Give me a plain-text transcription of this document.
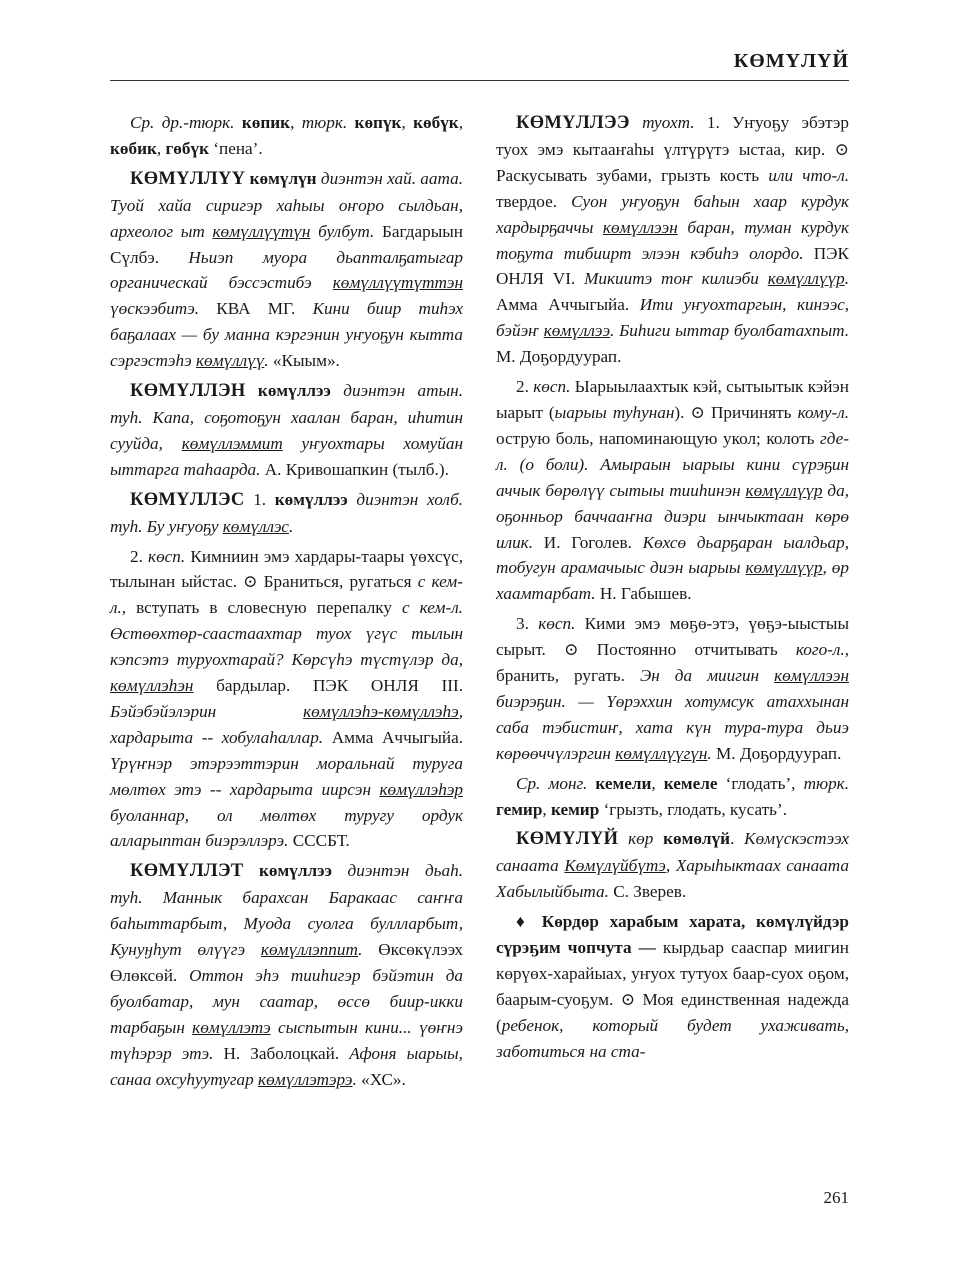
КӨМҮЛҮЙ

Ср. др.-тюрк. көпик, тюрк. көпүк, көбүк, көбик, гөбүк ‘пена’.

КӨМҮЛЛҮҮ көмүлүн диэнтэн хай. аата. Туой хайа сиригэр хаһыы оҥоро сылдьан, археолог ыт көмүллүүтүн булбут. Багдарыын Сүлбэ. Ньиэп муора дьапталҕатыгар органическай бэссэстибэ көмүллүүтүттэн үөскээбитэ. КВА МГ. Кини биир тиһэх баҕалаах — бу манна кэргэнин уҥуоҕун кытта сэргэстэһэ көмүллүү. «Кыым».

КӨМҮЛЛЭН көмүллээ диэнтэн атын. туһ. Капа, соҕотоҕун хаалан баран, иһитин сууйда, көмүллэммит уҥуохтары хомуйан ыттарга таһаарда. А. Кривошапкин (тылб.).

КӨМҮЛЛЭС 1. көмүллээ диэнтэн холб. туһ. Бу уҥуоҕу көмүллэс.

2. көсп. Кимниин эмэ хардары-таары үөхсүс, тылынан ыйстас. ⊙ Браниться, ругаться с кем-л., вступать в словесную перепалку с кем-л. Өстөөхтөр-саастаахтар туох үгүс тылын кэпсэтэ туруохтарай? Көрсүһэ түстүлэр да, көмүллэһэн бардылар. ПЭК ОНЛЯ III. Бэйэбэйэлэрин көмүллэһэ-көмүллэһэ, хардарыта -- хобулаһаллар. Амма Аччыгыйа. Үрүҥнэр этэрээттэрин моральнай туруга мөлтөх этэ -- хардарыта иирсэн көмүллэһэр буоланнар, ол мөлтөх туругу ордук алларыптан биэрэллэрэ. СССБТ.

КӨМҮЛЛЭТ көмүллээ диэнтэн дьаһ. туһ. Маннык барахсан Баракаас саҥҥа баһыттарбыт, Муода суолга буллларбыт, Кунуӈһут өлүүгэ көмүллэппит. Өксөкүлээх Өлөксөй. Оттон эһэ тииһигэр бэйэтин да буолбатар, мун саатар, өссө биир-икки тарбаҕын көмүллэтэ сыспытын кини... үөҥнэ түһэрэр этэ. Н. Заболоцкай. Афоня ыарыы, санаа охсуһуутугар көмүллэтэрэ. «ХС».

КӨМҮЛЛЭЭ туохт. 1. Уҥуоҕу эбэтэр туох эмэ кытааҥаһы үлтүрүтэ ыстаа, кир. ⊙ Раскусывать зубами, грызть кость или что-л. твердое. Суон уҥуоҕун баһын хаар курдук хардырҕаччы көмүллээн баран, туман курдук тоҕута тибиирт элээн кэбиһэ олордо. ПЭК ОНЛЯ VI. Микиитэ тоҥ килиэби көмүллүүр. Амма Аччыгыйа. Ити уҥуохтаргын, кинээс, бэйэҥ көмүллээ. Биһиги ыттар буолбатахпыт. М. Доҕордуурап.

2. көсп. Ыарыылаахтык кэй, сытыытык кэйэн ыарыт (ыарыы туһунан). ⊙ Причинять кому-л. острую боль, напоминающую укол; колоть где-л. (о боли). Амыраын ыарыы кини сүрэҕин аччык бөрөлүү сытыы тииһинэн көмүллүүр да, оҕонньор баччааҥна диэри ынчыктаан көрө илик. И. Гоголев. Көхсө дьарҕаран ыалдьар, тобугун арамачыыс диэн ыарыы көмүллүүр, өр хаамтарбат. Н. Габышев.

3. көсп. Кими эмэ мөҕө-этэ, үөҕэ-ыыстыы сырыт. ⊙ Постоянно отчитывать кого-л., бранить, ругать. Эн да миигин көмүллээн биэрэҕин. — Үөрэххин хотумсук атаххынан саба тэбистиҥ, хата күн тура-тура дьиэ көрөөччүлэргин көмүллүүгүн. М. Доҕордуурап.

Ср. монг. кемели, кемеле ‘глодать’, тюрк. гемир, кемир ‘грызть, глодать, кусать’.

КӨМҮЛҮЙ көр көмөлүй. Көмүскэстээх санаата Көмүлүйбүтэ, Харыһыктаах санаата Хабылыйбыта. С. Зверев.

♦ Көрдөр харабым харата, көмүлүйдэр сүрэҕим чопчута — кырдьар сааспар миигин көрүөх-харайыах, уҥуох тутуох баар-суох оҕом, баарым-суоҕум. ⊙ Моя единственная надежда (ребенок, который будет ухаживать, заботиться на ста-

261
